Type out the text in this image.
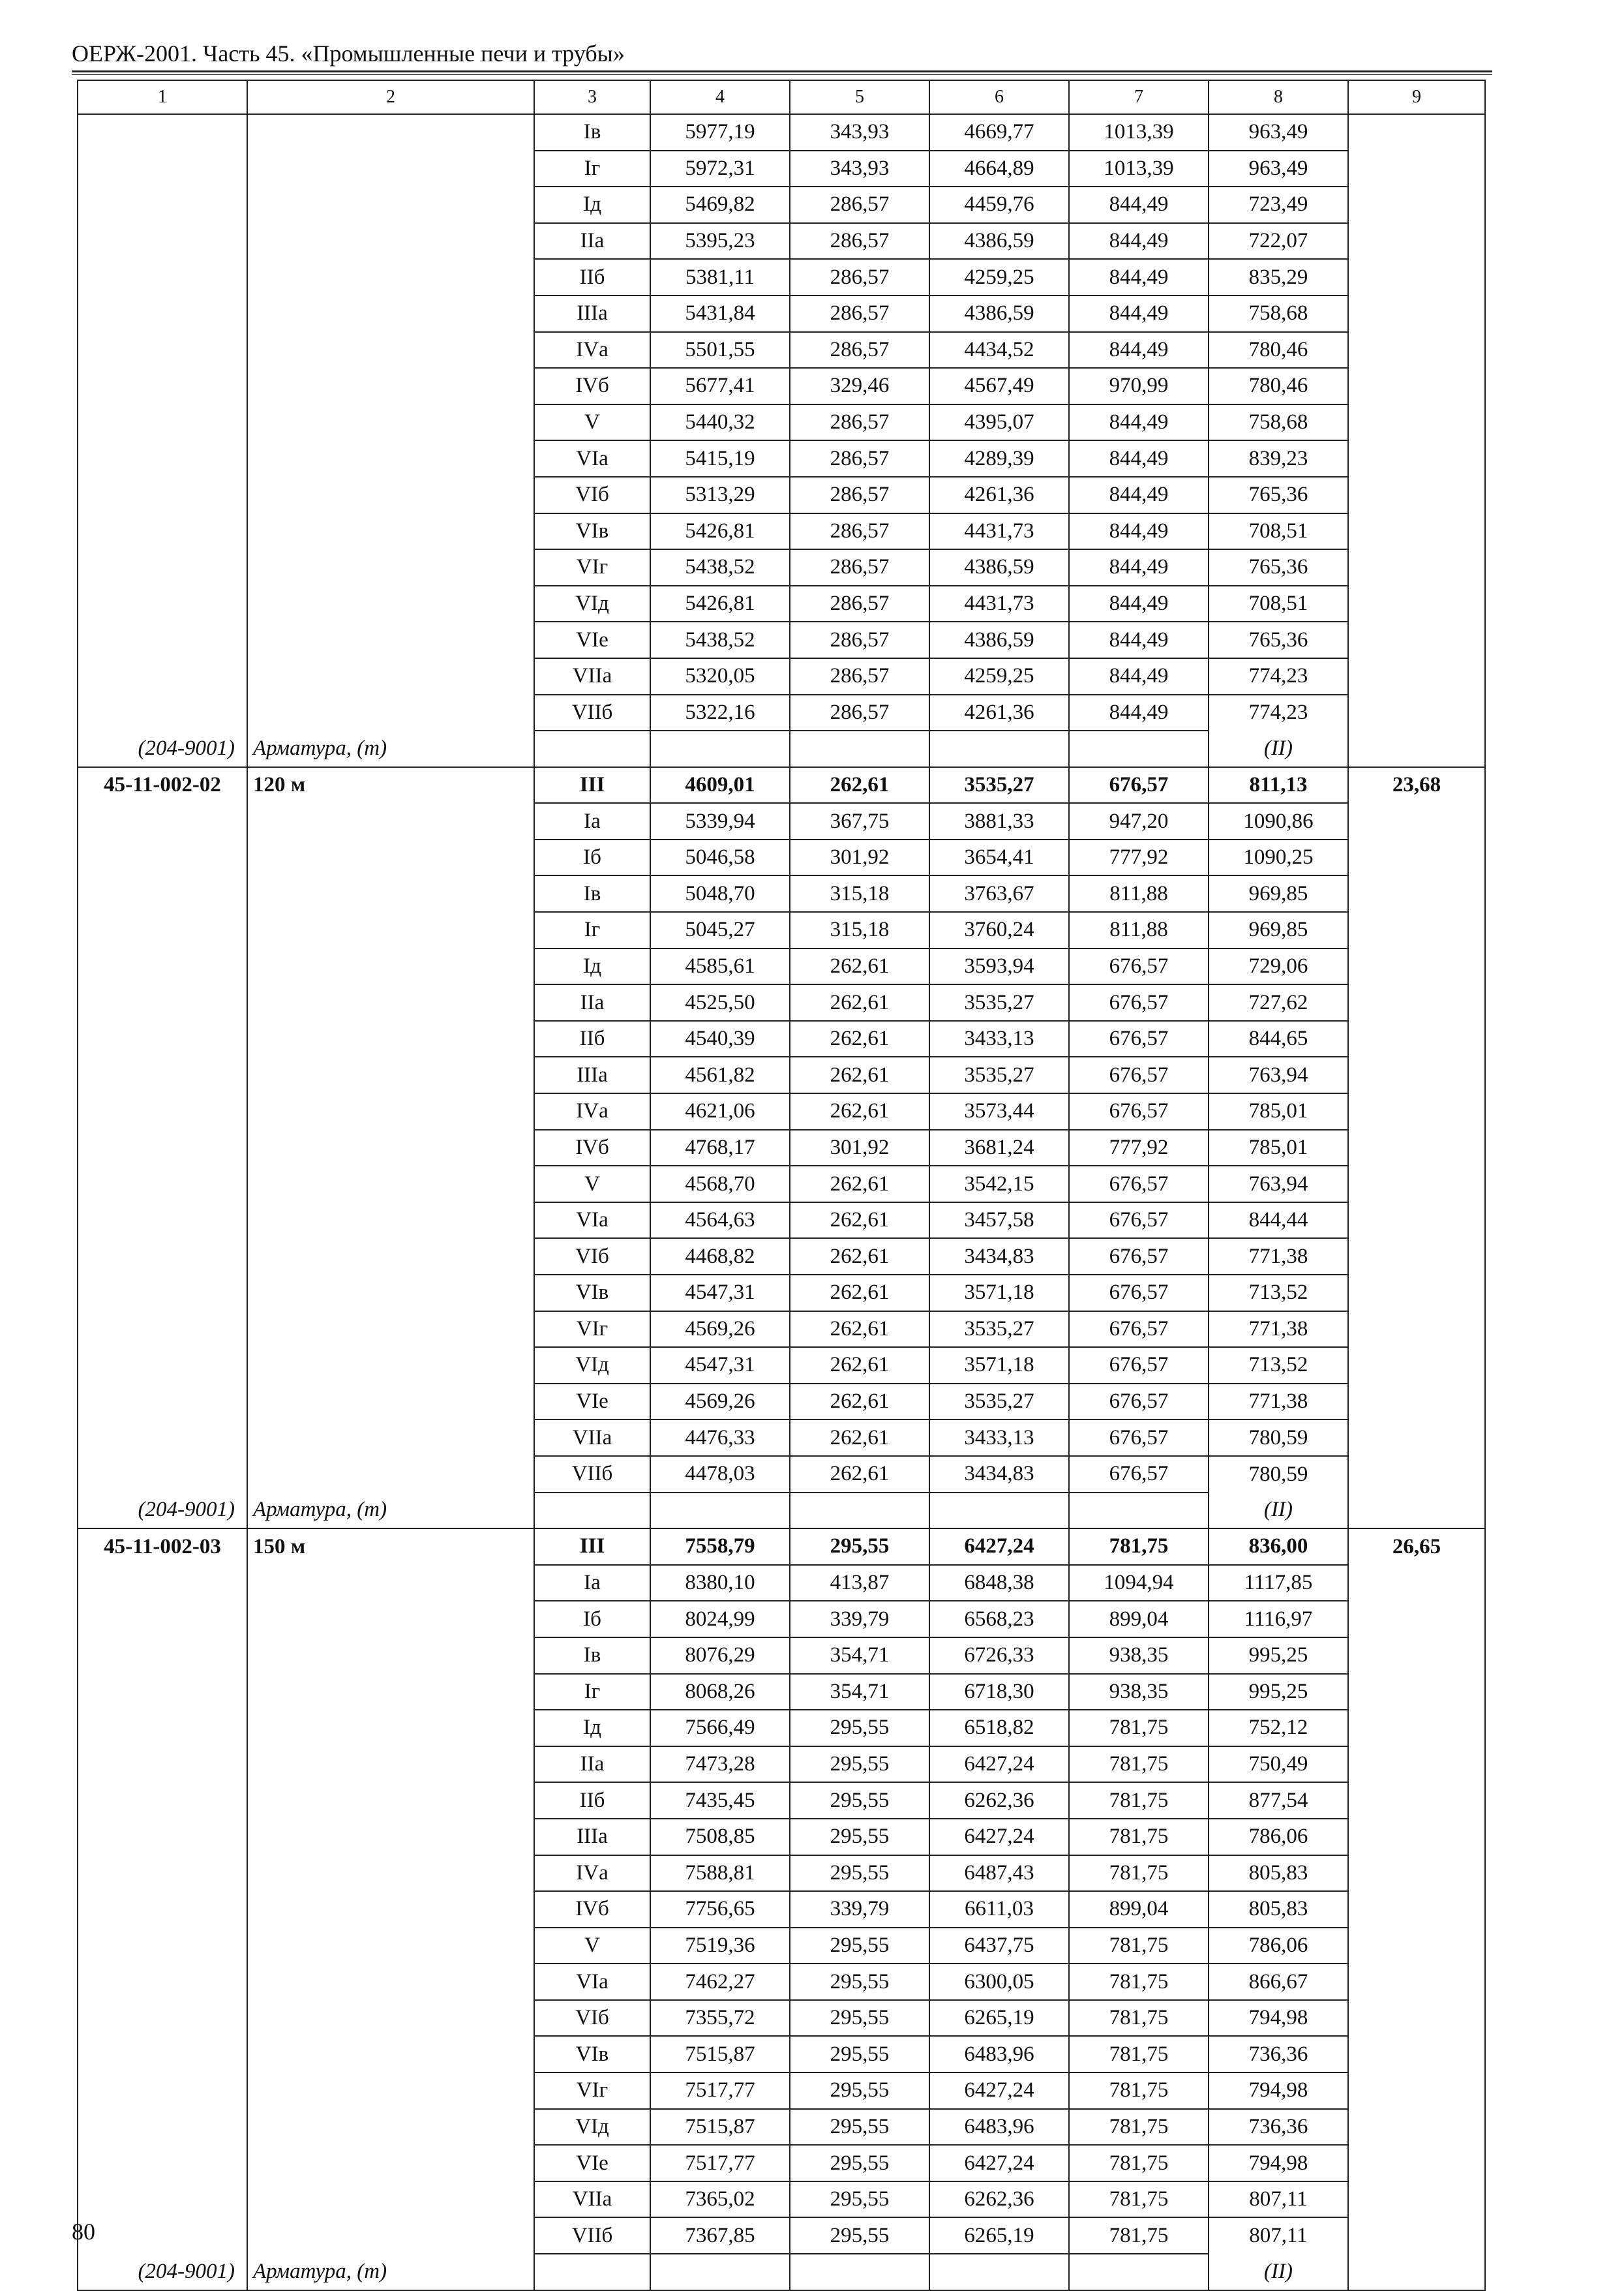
ОЕРЖ-2001. Часть 45. «Промышленные печи и трубы»
1	2	3	4	5	6	7	8	9
		Iв	5977,19	343,93	4669,77	1013,39	963,49	
		Iг	5972,31	343,93	4664,89	1013,39	963,49	
		Iд	5469,82	286,57	4459,76	844,49	723,49	
		IIа	5395,23	286,57	4386,59	844,49	722,07	
		IIб	5381,11	286,57	4259,25	844,49	835,29	
		IIIа	5431,84	286,57	4386,59	844,49	758,68	
		IVа	5501,55	286,57	4434,52	844,49	780,46	
		IVб	5677,41	329,46	4567,49	970,99	780,46	
		V	5440,32	286,57	4395,07	844,49	758,68	
		VIа	5415,19	286,57	4289,39	844,49	839,23	
		VIб	5313,29	286,57	4261,36	844,49	765,36	
		VIв	5426,81	286,57	4431,73	844,49	708,51	
		VIг	5438,52	286,57	4386,59	844,49	765,36	
		VIд	5426,81	286,57	4431,73	844,49	708,51	
		VIе	5438,52	286,57	4386,59	844,49	765,36	
		VIIа	5320,05	286,57	4259,25	844,49	774,23	
		VIIб	5322,16	286,57	4261,36	844,49	774,23	
(204-9001)	Арматура, (т)						(II)	
45-11-002-02	120 м	III	4609,01	262,61	3535,27	676,57	811,13	23,68
		Iа	5339,94	367,75	3881,33	947,20	1090,86	
		Iб	5046,58	301,92	3654,41	777,92	1090,25	
		Iв	5048,70	315,18	3763,67	811,88	969,85	
		Iг	5045,27	315,18	3760,24	811,88	969,85	
		Iд	4585,61	262,61	3593,94	676,57	729,06	
		IIа	4525,50	262,61	3535,27	676,57	727,62	
		IIб	4540,39	262,61	3433,13	676,57	844,65	
		IIIа	4561,82	262,61	3535,27	676,57	763,94	
		IVа	4621,06	262,61	3573,44	676,57	785,01	
		IVб	4768,17	301,92	3681,24	777,92	785,01	
		V	4568,70	262,61	3542,15	676,57	763,94	
		VIа	4564,63	262,61	3457,58	676,57	844,44	
		VIб	4468,82	262,61	3434,83	676,57	771,38	
		VIв	4547,31	262,61	3571,18	676,57	713,52	
		VIг	4569,26	262,61	3535,27	676,57	771,38	
		VIд	4547,31	262,61	3571,18	676,57	713,52	
		VIе	4569,26	262,61	3535,27	676,57	771,38	
		VIIа	4476,33	262,61	3433,13	676,57	780,59	
		VIIб	4478,03	262,61	3434,83	676,57	780,59	
(204-9001)	Арматура, (т)						(II)	
45-11-002-03	150 м	III	7558,79	295,55	6427,24	781,75	836,00	26,65
		Iа	8380,10	413,87	6848,38	1094,94	1117,85	
		Iб	8024,99	339,79	6568,23	899,04	1116,97	
		Iв	8076,29	354,71	6726,33	938,35	995,25	
		Iг	8068,26	354,71	6718,30	938,35	995,25	
		Iд	7566,49	295,55	6518,82	781,75	752,12	
		IIа	7473,28	295,55	6427,24	781,75	750,49	
		IIб	7435,45	295,55	6262,36	781,75	877,54	
		IIIа	7508,85	295,55	6427,24	781,75	786,06	
		IVа	7588,81	295,55	6487,43	781,75	805,83	
		IVб	7756,65	339,79	6611,03	899,04	805,83	
		V	7519,36	295,55	6437,75	781,75	786,06	
		VIа	7462,27	295,55	6300,05	781,75	866,67	
		VIб	7355,72	295,55	6265,19	781,75	794,98	
		VIв	7515,87	295,55	6483,96	781,75	736,36	
		VIг	7517,77	295,55	6427,24	781,75	794,98	
		VIд	7515,87	295,55	6483,96	781,75	736,36	
		VIе	7517,77	295,55	6427,24	781,75	794,98	
		VIIа	7365,02	295,55	6262,36	781,75	807,11	
		VIIб	7367,85	295,55	6265,19	781,75	807,11	
(204-9001)	Арматура, (т)						(II)	
80
